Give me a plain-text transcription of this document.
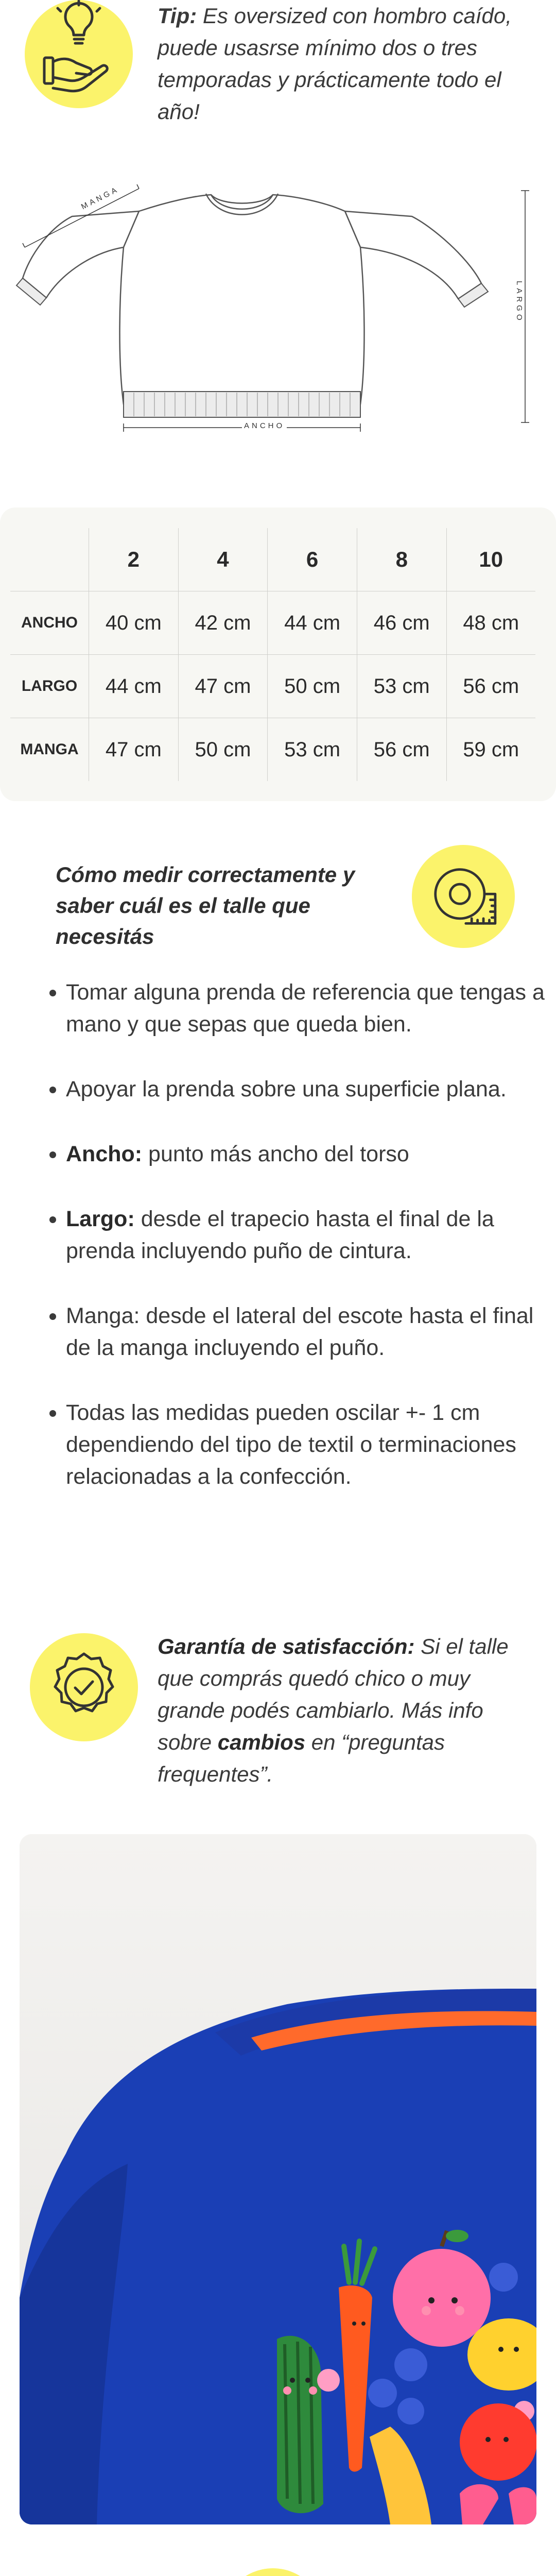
Tip: Es oversized con hombro caído, puede usasrse mínimo dos o tres temporadas y prácticamente todo el año!
MANGA
LARGO
ANCHO
	2	4	6	8	10
ANCHO	40 cm	42 cm	44 cm	46 cm	48 cm
LARGO	44 cm	47 cm	50 cm	53 cm	56 cm
MANGA	47 cm	50 cm	53 cm	56 cm	59 cm
Cómo medir correctamente y saber cuál es el talle que necesitás
• Tomar alguna prenda de referencia que tengas a mano y que sepas que queda bien.
• Apoyar la prenda sobre una superficie plana.
• Ancho: punto más ancho del torso
• Largo: desde el trapecio hasta el final de la prenda incluyendo puño de cintura.
• Manga: desde el lateral del escote hasta el final de la manga incluyendo el puño.
• Todas las medidas pueden oscilar +- 1 cm dependiendo del tipo de textil o terminaciones relacionadas a la confección.
Garantía de satisfacción: Si el talle que comprás quedó chico o muy grande podés cambiarlo. Más info sobre cambios en “preguntas frequentes”.
